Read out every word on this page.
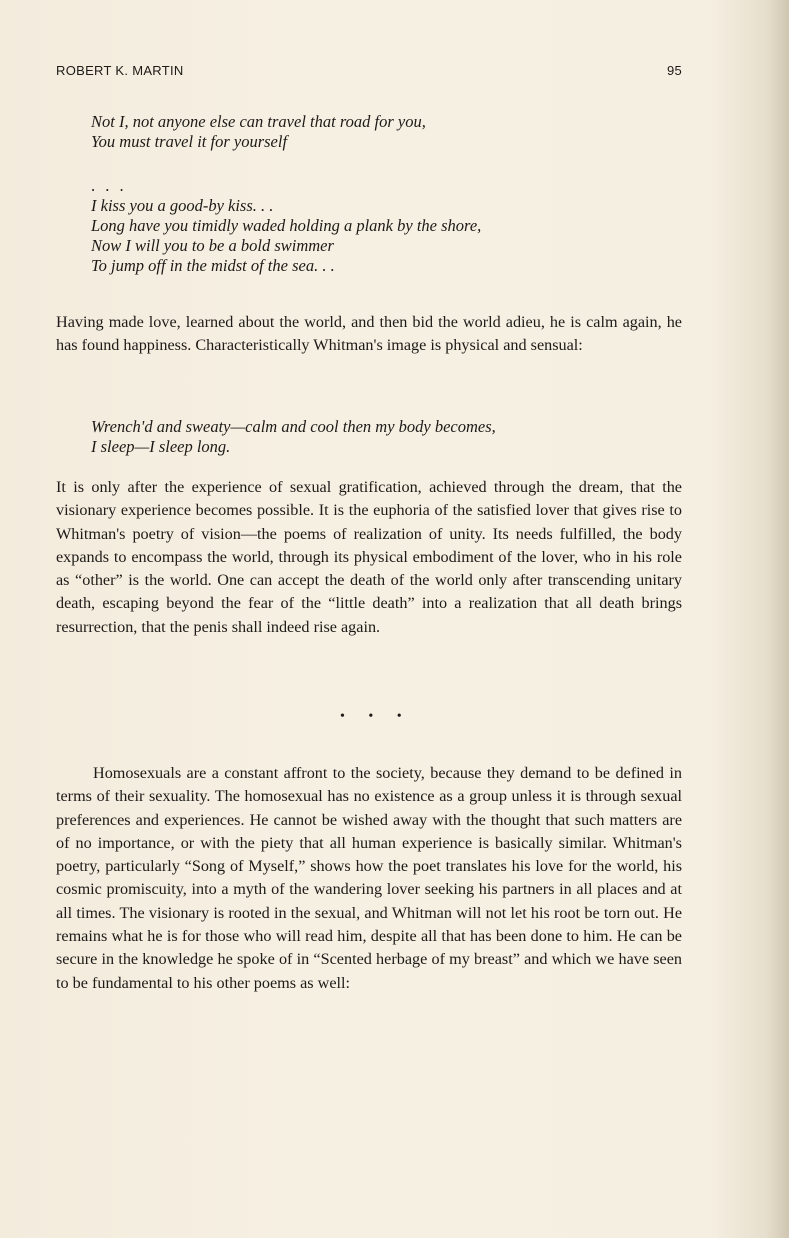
ROBERT K. MARTIN	95
Not I, not anyone else can travel that road for you,
You must travel it for yourself
. . .
I kiss you a good-by kiss. . .
Long have you timidly waded holding a plank by the shore,
Now I will you to be a bold swimmer
To jump off in the midst of the sea. . .

Having made love, learned about the world, and then bid the world adieu, he is calm again, he has found happiness. Characteristically Whitman's image is physical and sensual:

Wrench'd and sweaty—calm and cool then my body becomes,
I sleep—I sleep long.

It is only after the experience of sexual gratification, achieved through the dream, that the visionary experience becomes possible. It is the euphoria of the satisfied lover that gives rise to Whitman's poetry of vision—the poems of realization of unity. Its needs fulfilled, the body expands to encompass the world, through its physical embodiment of the lover, who in his role as “other” is the world. One can accept the death of the world only after transcending unitary death, escaping beyond the fear of the “little death” into a realization that all death brings resurrection, that the penis shall indeed rise again.

• • •

Homosexuals are a constant affront to the society, because they demand to be defined in terms of their sexuality. The homosexual has no existence as a group unless it is through sexual preferences and experiences. He cannot be wished away with the thought that such matters are of no importance, or with the piety that all human experience is basically similar. Whitman's poetry, particularly “Song of Myself,” shows how the poet translates his love for the world, his cosmic promiscuity, into a myth of the wandering lover seeking his partners in all places and at all times. The visionary is rooted in the sexual, and Whitman will not let his root be torn out. He remains what he is for those who will read him, despite all that has been done to him. He can be secure in the knowledge he spoke of in “Scented herbage of my breast” and which we have seen to be fundamental to his other poems as well:
